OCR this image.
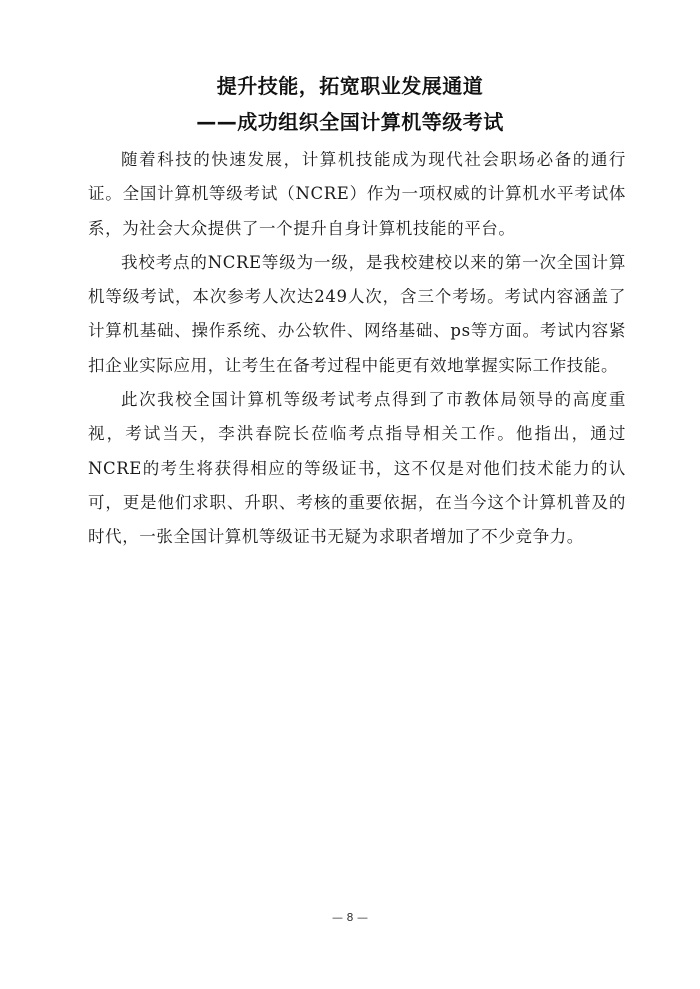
提升技能，拓宽职业发展通道
——成功组织全国计算机等级考试

随着科技的快速发展，计算机技能成为现代社会职场必备的通行证。全国计算机等级考试（NCRE）作为一项权威的计算机水平考试体系，为社会大众提供了一个提升自身计算机技能的平台。

我校考点的NCRE等级为一级，是我校建校以来的第一次全国计算机等级考试，本次参考人次达249人次，含三个考场。考试内容涵盖了计算机基础、操作系统、办公软件、网络基础、ps等方面。考试内容紧扣企业实际应用，让考生在备考过程中能更有效地掌握实际工作技能。

此次我校全国计算机等级考试考点得到了市教体局领导的高度重视，考试当天，李洪春院长莅临考点指导相关工作。他指出，通过NCRE的考生将获得相应的等级证书，这不仅是对他们技术能力的认可，更是他们求职、升职、考核的重要依据，在当今这个计算机普及的时代，一张全国计算机等级证书无疑为求职者增加了不少竞争力。

— 8 —
